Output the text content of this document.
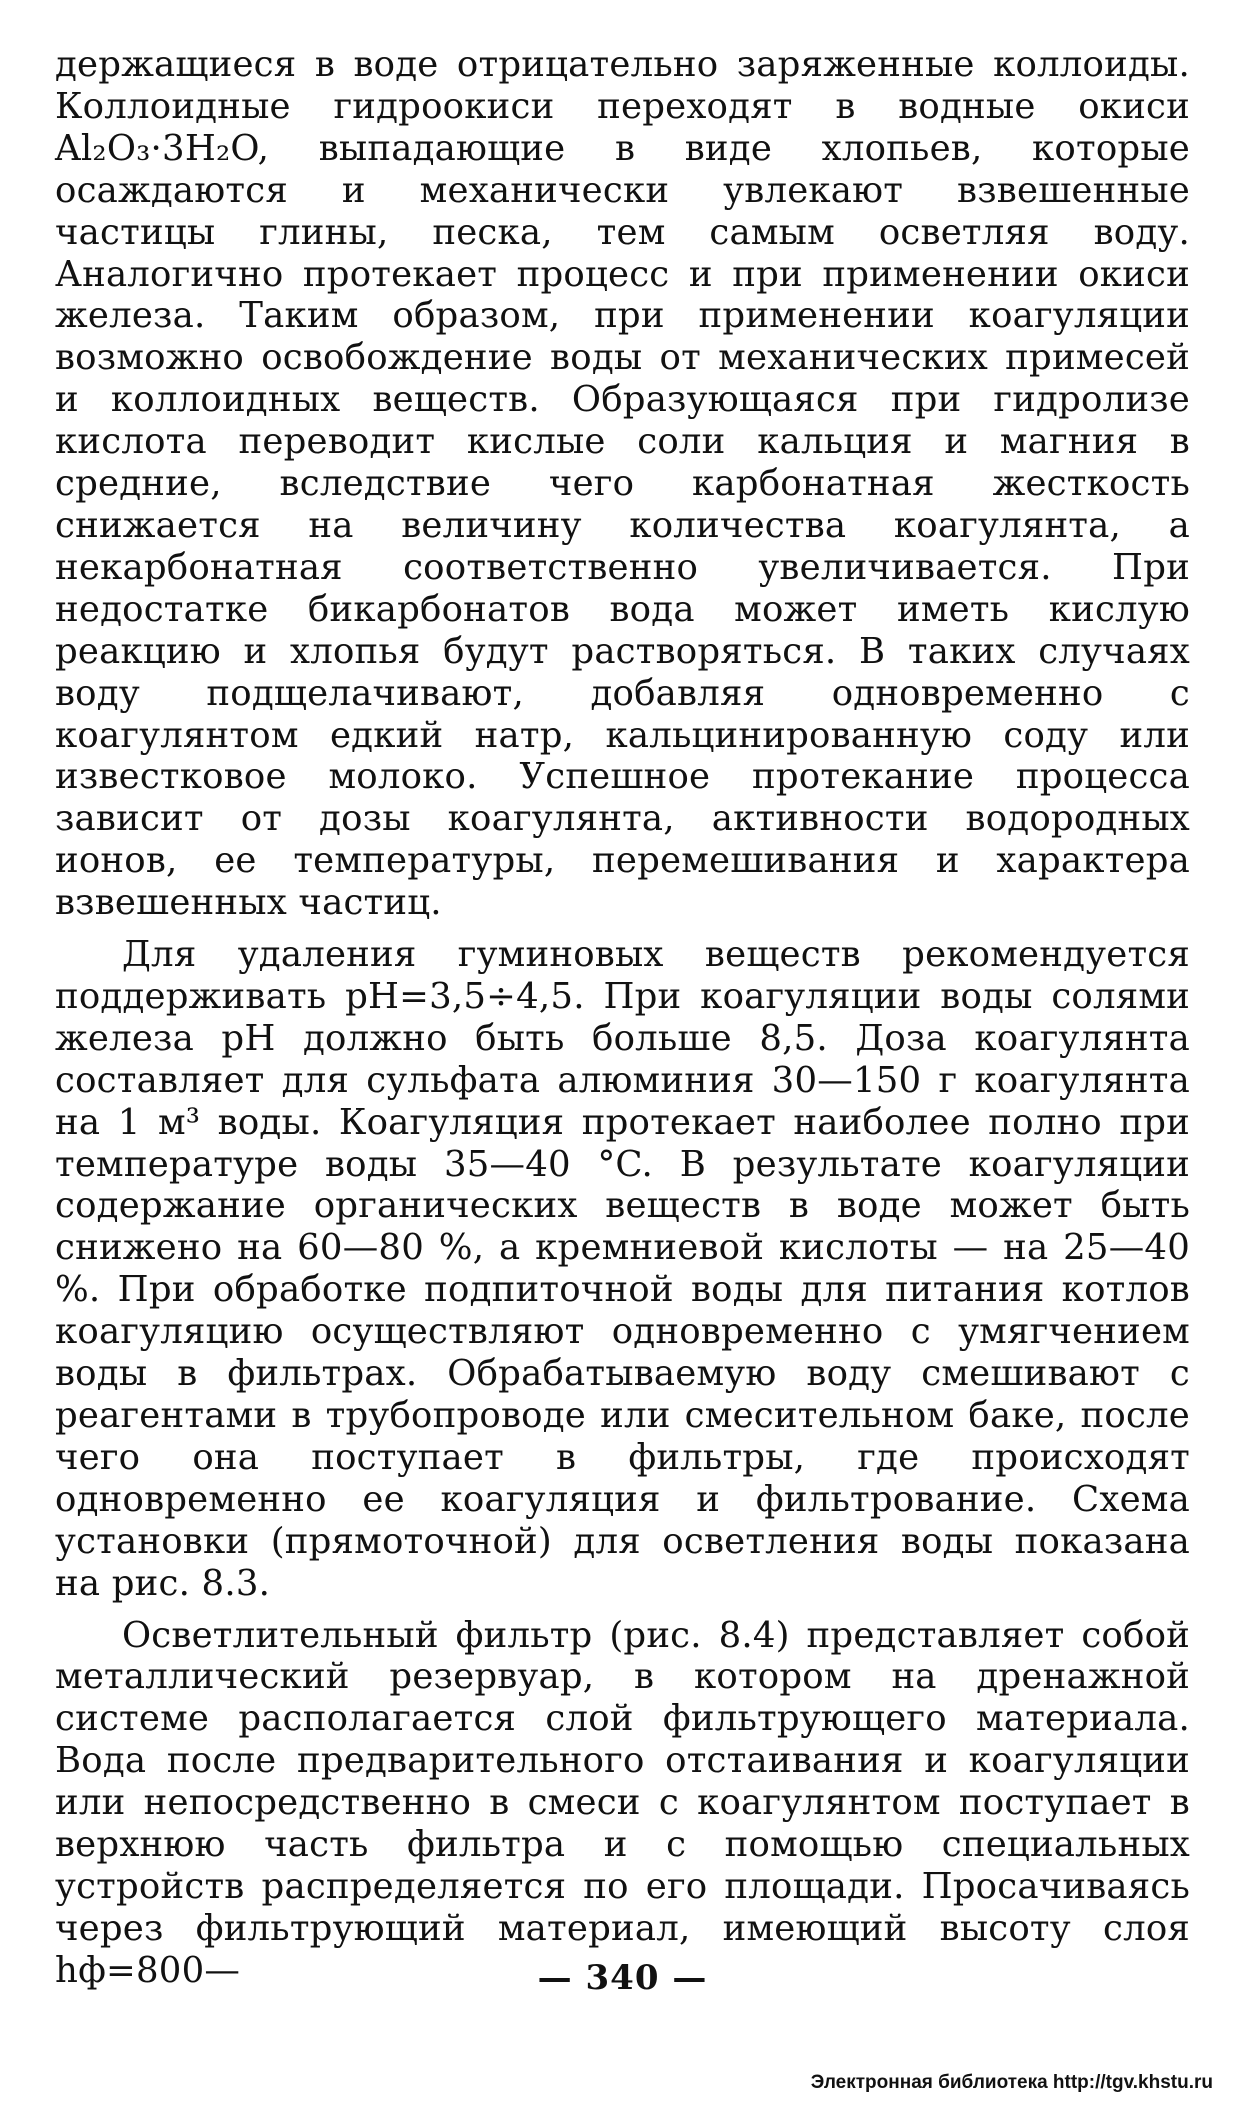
держащиеся в воде отрицательно заряженные коллоиды. Коллоидные гидроокиси переходят в водные окиси Al₂O₃·3H₂O, выпадающие в виде хлопьев, которые осаждаются и механически увлекают взвешенные частицы глины, песка, тем самым осветляя воду. Аналогично протекает процесс и при применении окиси железа. Таким образом, при применении коагуляции возможно освобождение воды от механических примесей и коллоидных веществ. Образующаяся при гидролизе кислота переводит кислые соли кальция и магния в средние, вследствие чего карбонатная жесткость снижается на величину количества коагулянта, а некарбонатная соответственно увеличивается. При недостатке бикарбонатов вода может иметь кислую реакцию и хлопья будут растворяться. В таких случаях воду подщелачивают, добавляя одновременно с коагулянтом едкий натр, кальцинированную соду или известковое молоко. Успешное протекание процесса зависит от дозы коагулянта, активности водородных ионов, ее температуры, перемешивания и характера взвешенных частиц.

Для удаления гуминовых веществ рекомендуется поддерживать pH=3,5÷4,5. При коагуляции воды солями железа pH должно быть больше 8,5. Доза коагулянта составляет для сульфата алюминия 30—150 г коагулянта на 1 м³ воды. Коагуляция протекает наиболее полно при температуре воды 35—40 °C. В результате коагуляции содержание органических веществ в воде может быть снижено на 60—80 %, а кремниевой кислоты — на 25—40 %. При обработке подпиточной воды для питания котлов коагуляцию осуществляют одновременно с умягчением воды в фильтрах. Обрабатываемую воду смешивают с реагентами в трубопроводе или смесительном баке, после чего она поступает в фильтры, где происходят одновременно ее коагуляция и фильтрование. Схема установки (прямоточной) для осветления воды показана на рис. 8.3.

Осветлительный фильтр (рис. 8.4) представляет собой металлический резервуар, в котором на дренажной системе располагается слой фильтрующего материала. Вода после предварительного отстаивания и коагуляции или непосредственно в смеси с коагулянтом поступает в верхнюю часть фильтра и с помощью специальных устройств распределяется по его площади. Просачиваясь через фильтрующий материал, имеющий высоту слоя hф=800—	— 340 —
Электронная библиотека http://tgv.khstu.ru
